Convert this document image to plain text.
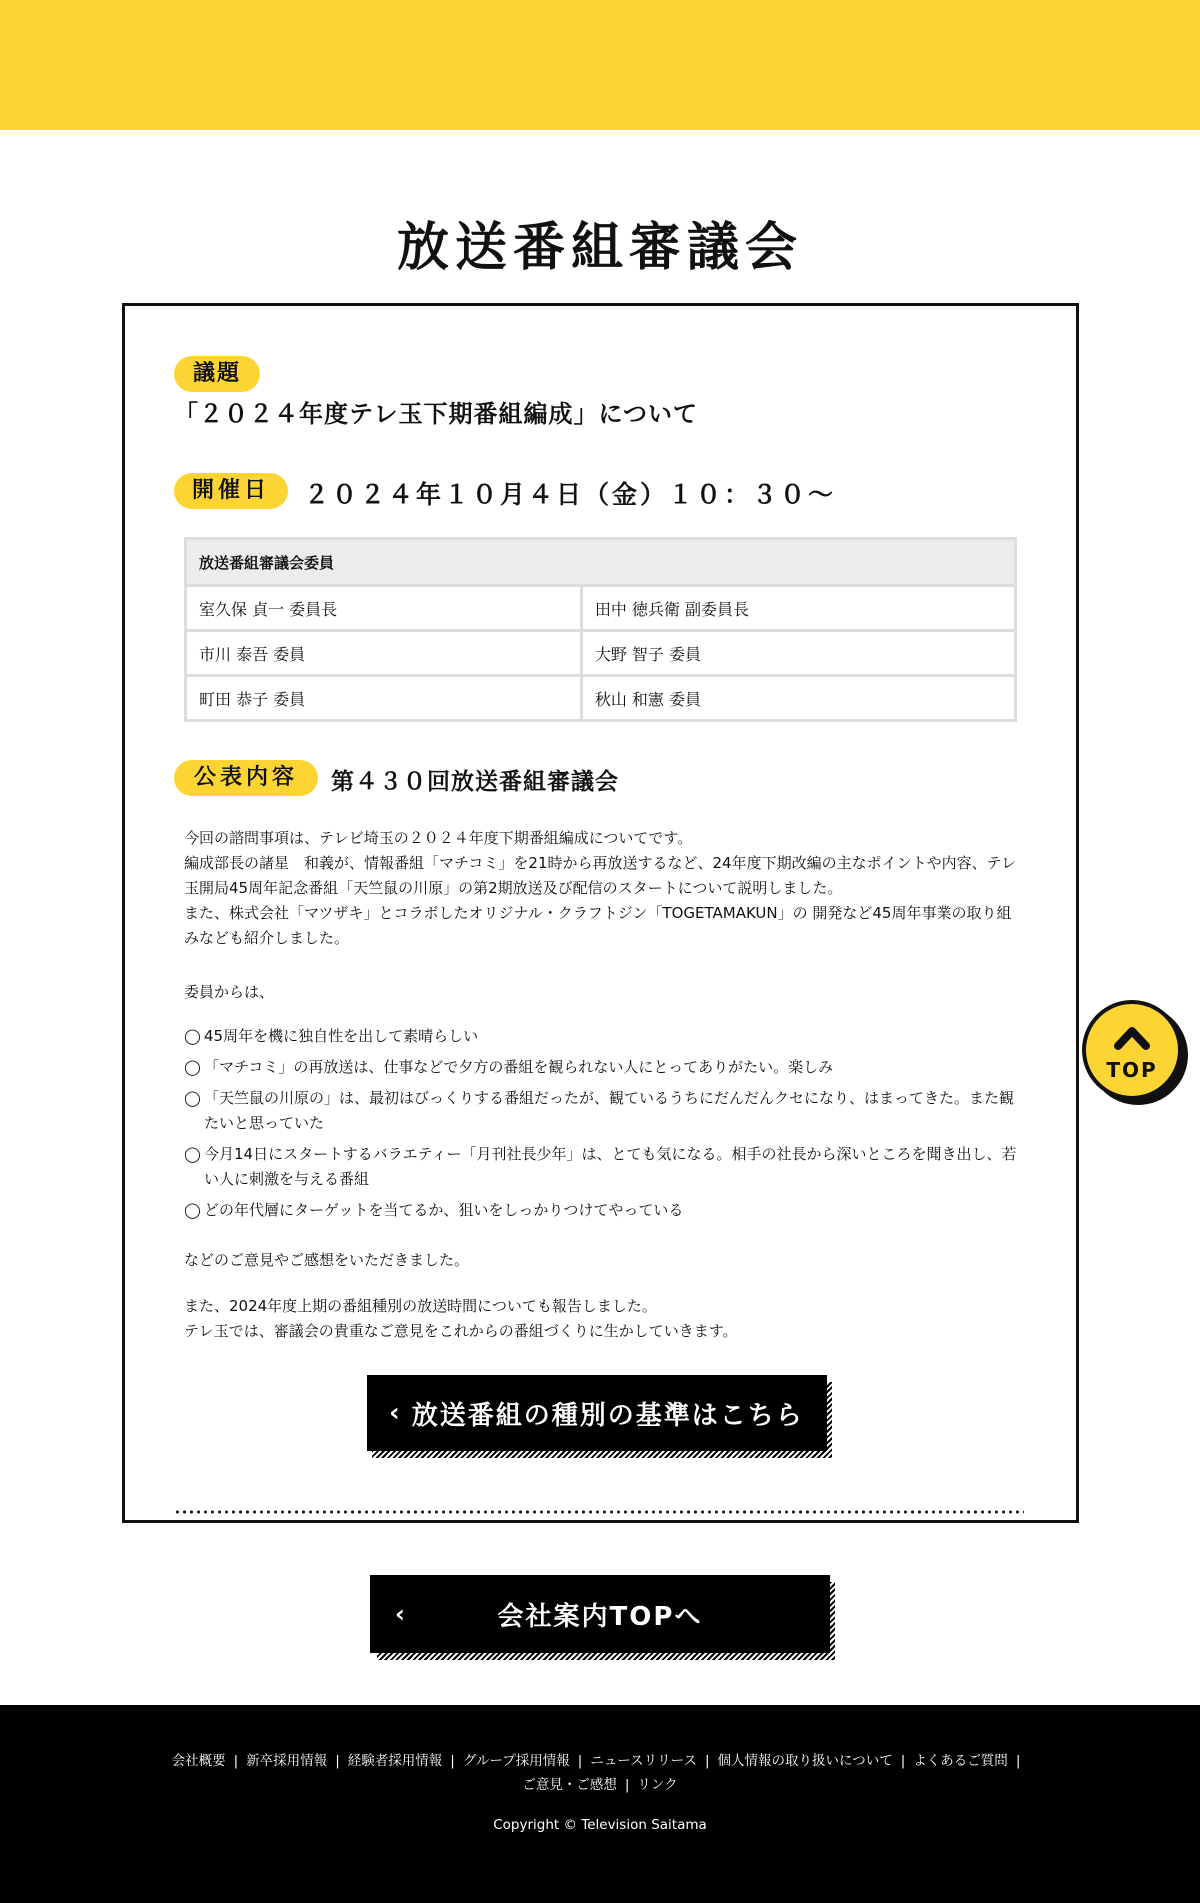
放送番組審議会
議題
「２０２４年度テレ玉下期番組編成」について
開催日	２０２４年１０月４日（金）１０：３０～
放送番組審議会委員	
室久保 貞一 委員長	田中 徳兵衛 副委員長
市川 泰吾 委員	大野 智子 委員
町田 恭子 委員	秋山 和憲 委員
公表内容	第４３０回放送番組審議会
今回の諮問事項は、テレビ埼玉の２０２４年度下期番組編成についてです。
編成部長の諸星　和義が、情報番組「マチコミ」を21時から再放送するなど、24年度下期改編の主なポイントや内容、テレ玉開局45周年記念番組「天竺鼠の川原」の第2期放送及び配信のスタートについて説明しました。
また、株式会社「マツザキ」とコラボしたオリジナル・クラフトジン「TOGETAMAKUN」の 開発など45周年事業の取り組みなども紹介しました。
委員からは、
◯ 45周年を機に独自性を出して素晴らしい
◯ 「マチコミ」の再放送は、仕事などで夕方の番組を観られない人にとってありがたい。楽しみ
◯ 「天竺鼠の川原の」は、最初はびっくりする番組だったが、観ているうちにだんだんクセになり、はまってきた。また観たいと思っていた
◯ 今月14日にスタートするバラエティー「月刊社長少年」は、とても気になる。相手の社長から深いところを聞き出し、若い人に刺激を与える番組
◯ どの年代層にターゲットを当てるか、狙いをしっかりつけてやっている
などのご意見やご感想をいただきました。
また、2024年度上期の番組種別の放送時間についても報告しました。
テレ玉では、審議会の貴重なご意見をこれからの番組づくりに生かしていきます。
‹ 放送番組の種別の基準はこちら
‹	会社案内TOPへ
TOP
会社概要 | 新卒採用情報 | 経験者採用情報 | グループ採用情報 | ニュースリリース | 個人情報の取り扱いについて | よくあるご質問 |
ご意見・ご感想 | リンク
Copyright © Television Saitama
